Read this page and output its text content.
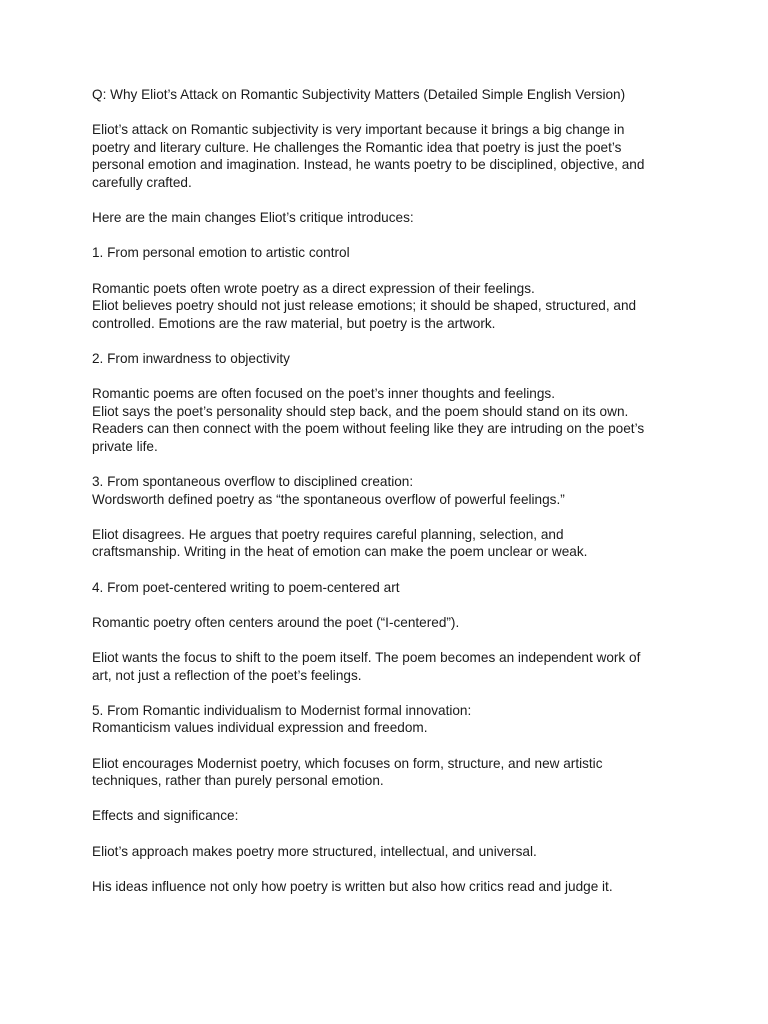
Q: Why Eliot’s Attack on Romantic Subjectivity Matters (Detailed Simple English Version)
Eliot’s attack on Romantic subjectivity is very important because it brings a big change in
poetry and literary culture. He challenges the Romantic idea that poetry is just the poet’s
personal emotion and imagination. Instead, he wants poetry to be disciplined, objective, and
carefully crafted.
Here are the main changes Eliot’s critique introduces:
1. From personal emotion to artistic control
Romantic poets often wrote poetry as a direct expression of their feelings.
Eliot believes poetry should not just release emotions; it should be shaped, structured, and
controlled. Emotions are the raw material, but poetry is the artwork.
2. From inwardness to objectivity
Romantic poems are often focused on the poet’s inner thoughts and feelings.
Eliot says the poet’s personality should step back, and the poem should stand on its own.
Readers can then connect with the poem without feeling like they are intruding on the poet’s
private life.
3. From spontaneous overflow to disciplined creation:
Wordsworth defined poetry as “the spontaneous overflow of powerful feelings.”
Eliot disagrees. He argues that poetry requires careful planning, selection, and
craftsmanship. Writing in the heat of emotion can make the poem unclear or weak.
4. From poet-centered writing to poem-centered art
Romantic poetry often centers around the poet (“I-centered”).
Eliot wants the focus to shift to the poem itself. The poem becomes an independent work of
art, not just a reflection of the poet’s feelings.
5. From Romantic individualism to Modernist formal innovation:
Romanticism values individual expression and freedom.
Eliot encourages Modernist poetry, which focuses on form, structure, and new artistic
techniques, rather than purely personal emotion.
Effects and significance:
Eliot’s approach makes poetry more structured, intellectual, and universal.
His ideas influence not only how poetry is written but also how critics read and judge it.
